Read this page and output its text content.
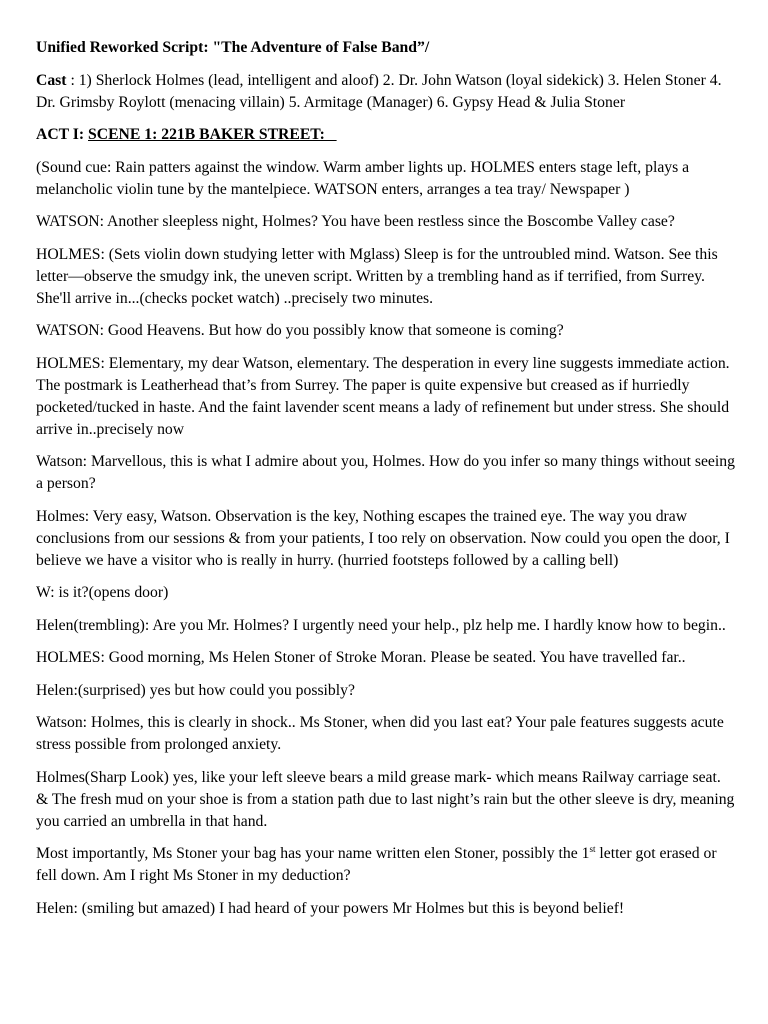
Unified Reworked Script: "The Adventure of False Band”/

Cast : 1) Sherlock Holmes (lead, intelligent and aloof) 2. Dr. John Watson (loyal sidekick) 3. Helen Stoner 4. Dr. Grimsby Roylott (menacing villain) 5. Armitage (Manager) 6. Gypsy Head & Julia Stoner

ACT I: SCENE 1: 221B BAKER STREET:

(Sound cue: Rain patters against the window. Warm amber lights up. HOLMES enters stage left, plays a melancholic violin tune by the mantelpiece. WATSON enters, arranges a tea tray/ Newspaper )

WATSON: Another sleepless night, Holmes? You have been restless since the Boscombe Valley case?

HOLMES: (Sets violin down studying letter with Mglass) Sleep is for the untroubled mind. Watson. See this letter—observe the smudgy ink, the uneven script. Written by a trembling hand as if terrified, from Surrey. She'll arrive in...(checks pocket watch) ..precisely two minutes.

WATSON: Good Heavens. But how do you possibly know that someone is coming?

HOLMES: Elementary, my dear Watson, elementary. The desperation in every line suggests immediate action. The postmark is Leatherhead that’s from Surrey. The paper is quite expensive but creased as if hurriedly pocketed/tucked in haste. And the faint lavender scent means a lady of refinement but under stress. She should arrive in..precisely now

Watson: Marvellous, this is what I admire about you, Holmes. How do you infer so many things without seeing a person?

Holmes: Very easy, Watson. Observation is the key, Nothing escapes the trained eye. The way you draw conclusions from our sessions & from your patients, I too rely on observation. Now could you open the door, I believe we have a visitor who is really in hurry. (hurried footsteps followed by a calling bell)

W: is it?(opens door)

Helen(trembling): Are you Mr. Holmes? I urgently need your help., plz help me. I hardly know how to begin..

HOLMES: Good morning, Ms Helen Stoner of Stroke Moran. Please be seated. You have travelled far..

Helen:(surprised) yes but how could you possibly?

Watson: Holmes, this is clearly in shock.. Ms Stoner, when did you last eat? Your pale features suggests acute stress possible from prolonged anxiety.

Holmes(Sharp Look) yes, like your left sleeve bears a mild grease mark- which means Railway carriage seat. & The fresh mud on your shoe is from a station path due to last night’s rain but the other sleeve is dry, meaning you carried an umbrella in that hand.

Most importantly, Ms Stoner your bag has your name written elen Stoner, possibly the 1st letter got erased or fell down. Am I right Ms Stoner in my deduction?

Helen: (smiling but amazed) I had heard of your powers Mr Holmes but this is beyond belief!
